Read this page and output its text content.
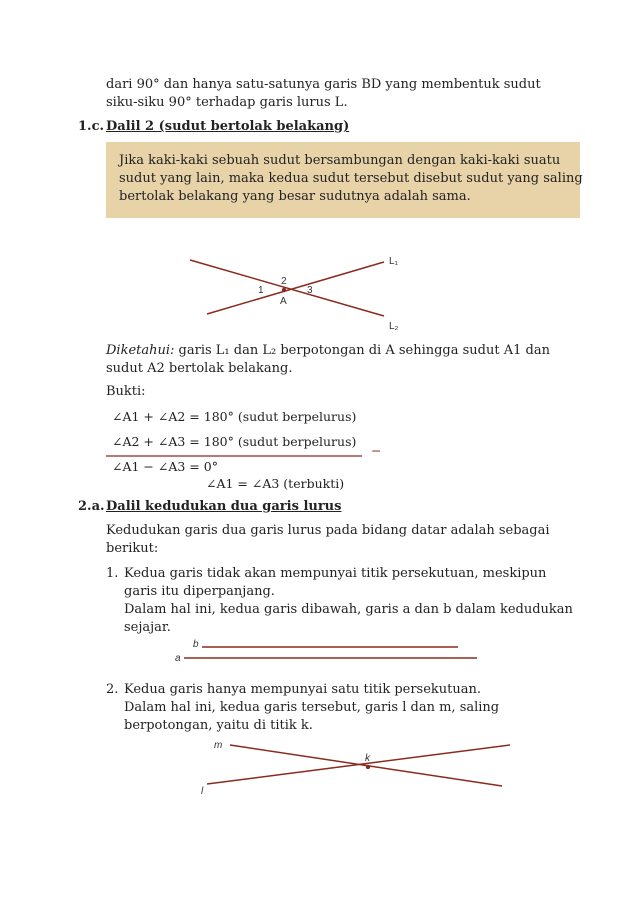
dari 90° dan hanya satu-satunya garis BD yang membentuk sudut
siku-siku 90° terhadap garis lurus L.
1.c. Dalil 2 (sudut bertolak belakang)
Jika kaki-kaki sebuah sudut bersambungan dengan kaki-kaki suatu
sudut yang lain, maka kedua sudut tersebut disebut sudut yang saling
bertolak belakang yang besar sudutnya adalah sama.
L₁
L₂
2
1	3
A
Diketahui: garis L₁ dan L₂ berpotongan di A sehingga sudut A1 dan
sudut A2 bertolak belakang.
Bukti:
∠A1 + ∠A2 = 180° (sudut berpelurus)
∠A2 + ∠A3 = 180° (sudut berpelurus)
−
∠A1 − ∠A3 = 0°
∠A1 = ∠A3 (terbukti)
2.a. Dalil kedudukan dua garis lurus
Kedudukan garis dua garis lurus pada bidang datar adalah sebagai
berikut:
1. Kedua garis tidak akan mempunyai titik persekutuan, meskipun
garis itu diperpanjang.
Dalam hal ini, kedua garis dibawah, garis a dan b dalam kedudukan
sejajar.
b
a
2. Kedua garis hanya mempunyai satu titik persekutuan.
Dalam hal ini, kedua garis tersebut, garis l dan m, saling
berpotongan, yaitu di titik k.
m
k
l
